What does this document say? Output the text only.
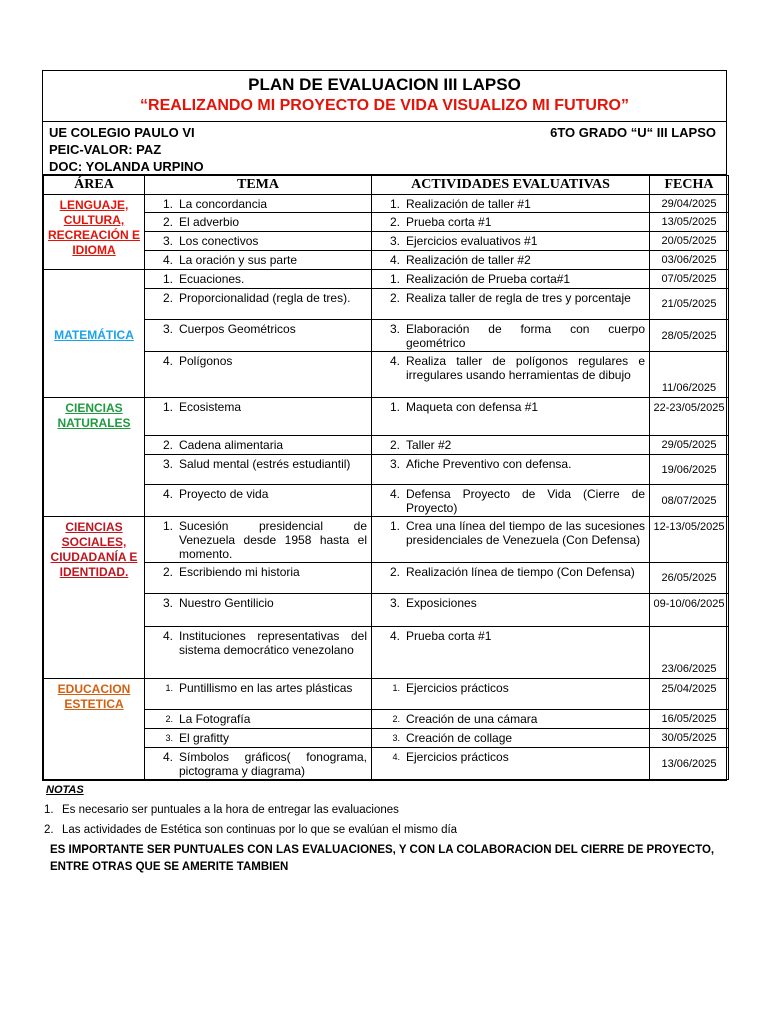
PLAN DE EVALUACION III LAPSO
“REALIZANDO MI PROYECTO DE VIDA VISUALIZO MI FUTURO”
UE COLEGIO PAULO VI
PEIC-VALOR: PAZ
DOC: YOLANDA URPINO
6TO GRADO “U“ III LAPSO
ÁREA	TEMA	ACTIVIDADES EVALUATIVAS	FECHA
LENGUAJE, CULTURA, RECREACIÓN E IDIOMA	1. La concordancia	1. Realización de taller #1	29/04/2025

	2. El adverbio	2. Prueba corta #1	13/05/2025

	3. Los conectivos	3. Ejercicios evaluativos #1	20/05/2025

	4. La oración y sus parte	4. Realización de taller #2	03/06/2025
MATEMÁTICA	1. Ecuaciones.	1. Realización de Prueba corta#1	07/05/2025

	2. Proporcionalidad (regla de tres).	2. Realiza taller de regla de tres y porcentaje	21/05/2025

	3. Cuerpos Geométricos	3. Elaboración de forma con cuerpo geométrico	28/05/2025

	4. Polígonos	4. Realiza taller de polígonos regulares e irregulares usando herramientas de dibujo	11/06/2025
CIENCIAS NATURALES	1. Ecosistema	1. Maqueta con defensa #1	22-23/05/2025

	2. Cadena alimentaria	2. Taller #2	29/05/2025

	3. Salud mental (estrés estudiantil)	3. Afiche Preventivo con defensa.	19/06/2025

	4. Proyecto de vida	4. Defensa Proyecto de Vida (Cierre de Proyecto)	08/07/2025
CIENCIAS SOCIALES, CIUDADANÍA E IDENTIDAD.	1. Sucesión presidencial de Venezuela desde 1958 hasta el momento.	1. Crea una línea del tiempo de las sucesiones presidenciales de Venezuela (Con Defensa)	12-13/05/2025

	2. Escribiendo mi historia	2. Realización línea de tiempo (Con Defensa)	26/05/2025

	3. Nuestro Gentilicio	3. Exposiciones	09-10/06/2025

	4. Instituciones representativas del sistema democrático venezolano	4. Prueba corta #1	23/06/2025
EDUCACION ESTETICA	1. Puntillismo en las artes plásticas	1. Ejercicios prácticos	25/04/2025

	2. La Fotografía	2. Creación de una cámara	16/05/2025

	3. El grafitty	3. Creación de collage	30/05/2025

	4. Símbolos gráficos( fonograma, pictograma y diagrama)	4. Ejercicios prácticos	13/06/2025
NOTAS
1. Es necesario ser puntuales a la hora de entregar las evaluaciones
2. Las actividades de Estética son continuas por lo que se evalúan el mismo día
ES IMPORTANTE SER PUNTUALES CON LAS EVALUACIONES, Y CON LA COLABORACION DEL CIERRE DE PROYECTO, ENTRE OTRAS QUE SE AMERITE TAMBIEN
